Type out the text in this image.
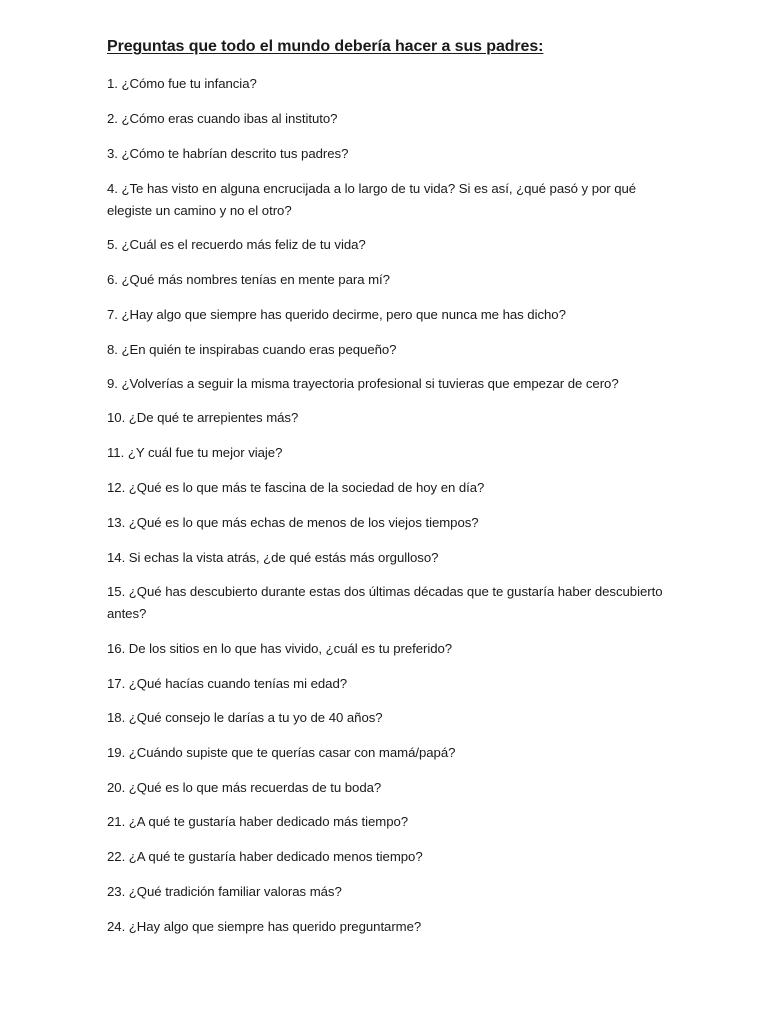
Preguntas que todo el mundo debería hacer a sus padres:
1. ¿Cómo fue tu infancia?
2. ¿Cómo eras cuando ibas al instituto?
3. ¿Cómo te habrían descrito tus padres?
4. ¿Te has visto en alguna encrucijada a lo largo de tu vida? Si es así, ¿qué pasó y por qué elegiste un camino y no el otro?
5. ¿Cuál es el recuerdo más feliz de tu vida?
6. ¿Qué más nombres tenías en mente para mí?
7. ¿Hay algo que siempre has querido decirme, pero que nunca me has dicho?
8. ¿En quién te inspirabas cuando eras pequeño?
9. ¿Volverías a seguir la misma trayectoria profesional si tuvieras que empezar de cero?
10. ¿De qué te arrepientes más?
11. ¿Y cuál fue tu mejor viaje?
12. ¿Qué es lo que más te fascina de la sociedad de hoy en día?
13. ¿Qué es lo que más echas de menos de los viejos tiempos?
14. Si echas la vista atrás, ¿de qué estás más orgulloso?
15. ¿Qué has descubierto durante estas dos últimas décadas que te gustaría haber descubierto antes?
16. De los sitios en lo que has vivido, ¿cuál es tu preferido?
17. ¿Qué hacías cuando tenías mi edad?
18. ¿Qué consejo le darías a tu yo de 40 años?
19. ¿Cuándo supiste que te querías casar con mamá/papá?
20. ¿Qué es lo que más recuerdas de tu boda?
21. ¿A qué te gustaría haber dedicado más tiempo?
22. ¿A qué te gustaría haber dedicado menos tiempo?
23. ¿Qué tradición familiar valoras más?
24. ¿Hay algo que siempre has querido preguntarme?
